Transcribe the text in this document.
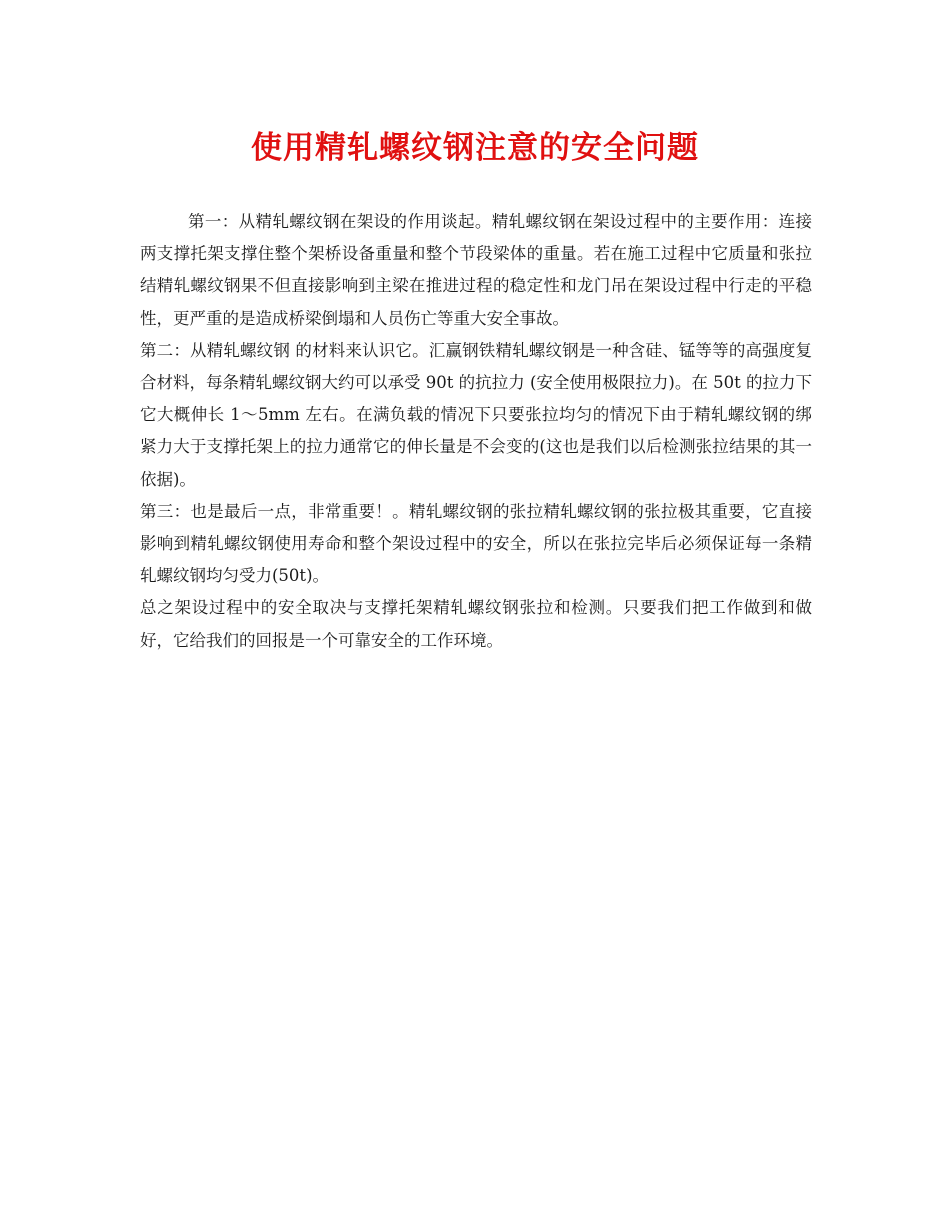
使用精轧螺纹钢注意的安全问题

第一：从精轧螺纹钢在架设的作用谈起。精轧螺纹钢在架设过程中的主要作用：连接两支撑托架支撑住整个架桥设备重量和整个节段梁体的重量。若在施工过程中它质量和张拉结精轧螺纹钢果不但直接影响到主梁在推进过程的稳定性和龙门吊在架设过程中行走的平稳性，更严重的是造成桥梁倒塌和人员伤亡等重大安全事故。

第二：从精轧螺纹钢 的材料来认识它。汇赢钢铁精轧螺纹钢是一种含硅、锰等等的高强度复合材料，每条精轧螺纹钢大约可以承受 90t 的抗拉力 (安全使用极限拉力)。在 50t 的拉力下它大概伸长 1～5mm 左右。在满负载的情况下只要张拉均匀的情况下由于精轧螺纹钢的绑紧力大于支撑托架上的拉力通常它的伸长量是不会变的(这也是我们以后检测张拉结果的其一依据)。

第三：也是最后一点，非常重要！。精轧螺纹钢的张拉精轧螺纹钢的张拉极其重要，它直接影响到精轧螺纹钢使用寿命和整个架设过程中的安全，所以在张拉完毕后必须保证每一条精轧螺纹钢均匀受力(50t)。

总之架设过程中的安全取决与支撑托架精轧螺纹钢张拉和检测。只要我们把工作做到和做好，它给我们的回报是一个可靠安全的工作环境。
